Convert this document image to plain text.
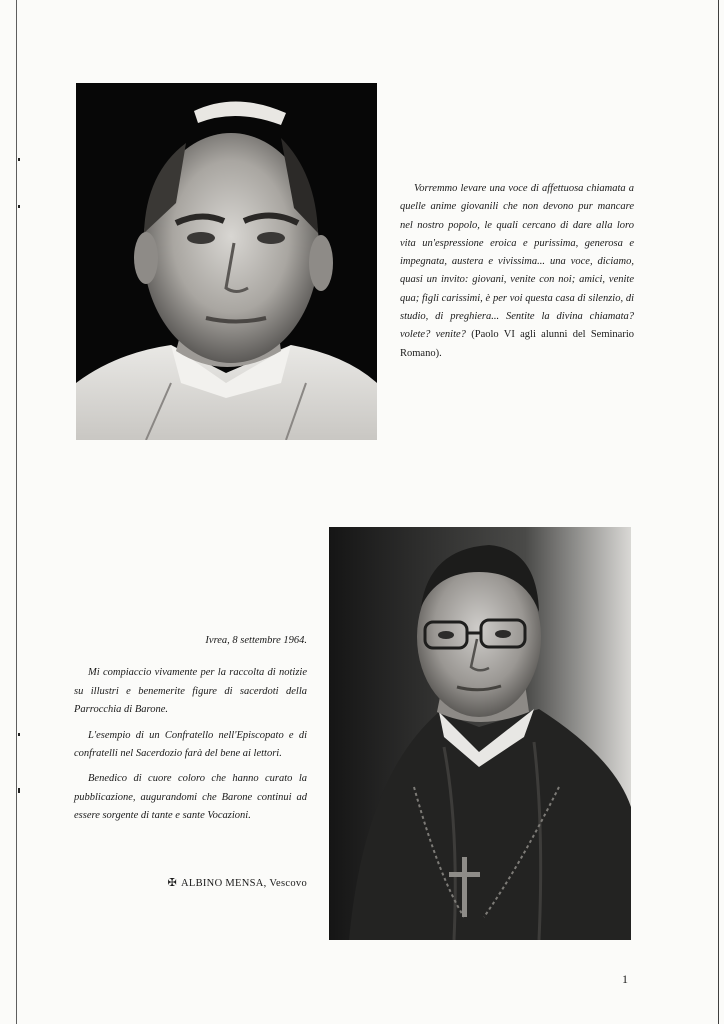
Vorremmo levare una voce di affettuosa chiamata a quelle anime giovanili che non devono pur mancare nel nostro popolo, le quali cercano di dare alla loro vita un'espressione eroica e purissima, generosa e impegnata, austera e vivissima... una voce, diciamo, quasi un invito: giovani, venite con noi; amici, venite qua; figli carissimi, è per voi questa casa di silenzio, di studio, di preghiera... Sentite la divina chiamata? volete? venite? (Paolo VI agli alunni del Seminario Romano).

Ivrea, 8 settembre 1964.

Mi compiaccio vivamente per la raccolta di notizie su illustri e benemerite figure di sacerdoti della Parrocchia di Barone.

L'esempio di un Confratello nell'Episcopato e di confratelli nel Sacerdozio farà del bene ai lettori.

Benedico di cuore coloro che hanno curato la pubblicazione, augurandomi che Barone continui ad essere sorgente di tante e sante Vocazioni.

✠ ALBINO MENSA, Vescovo
1
